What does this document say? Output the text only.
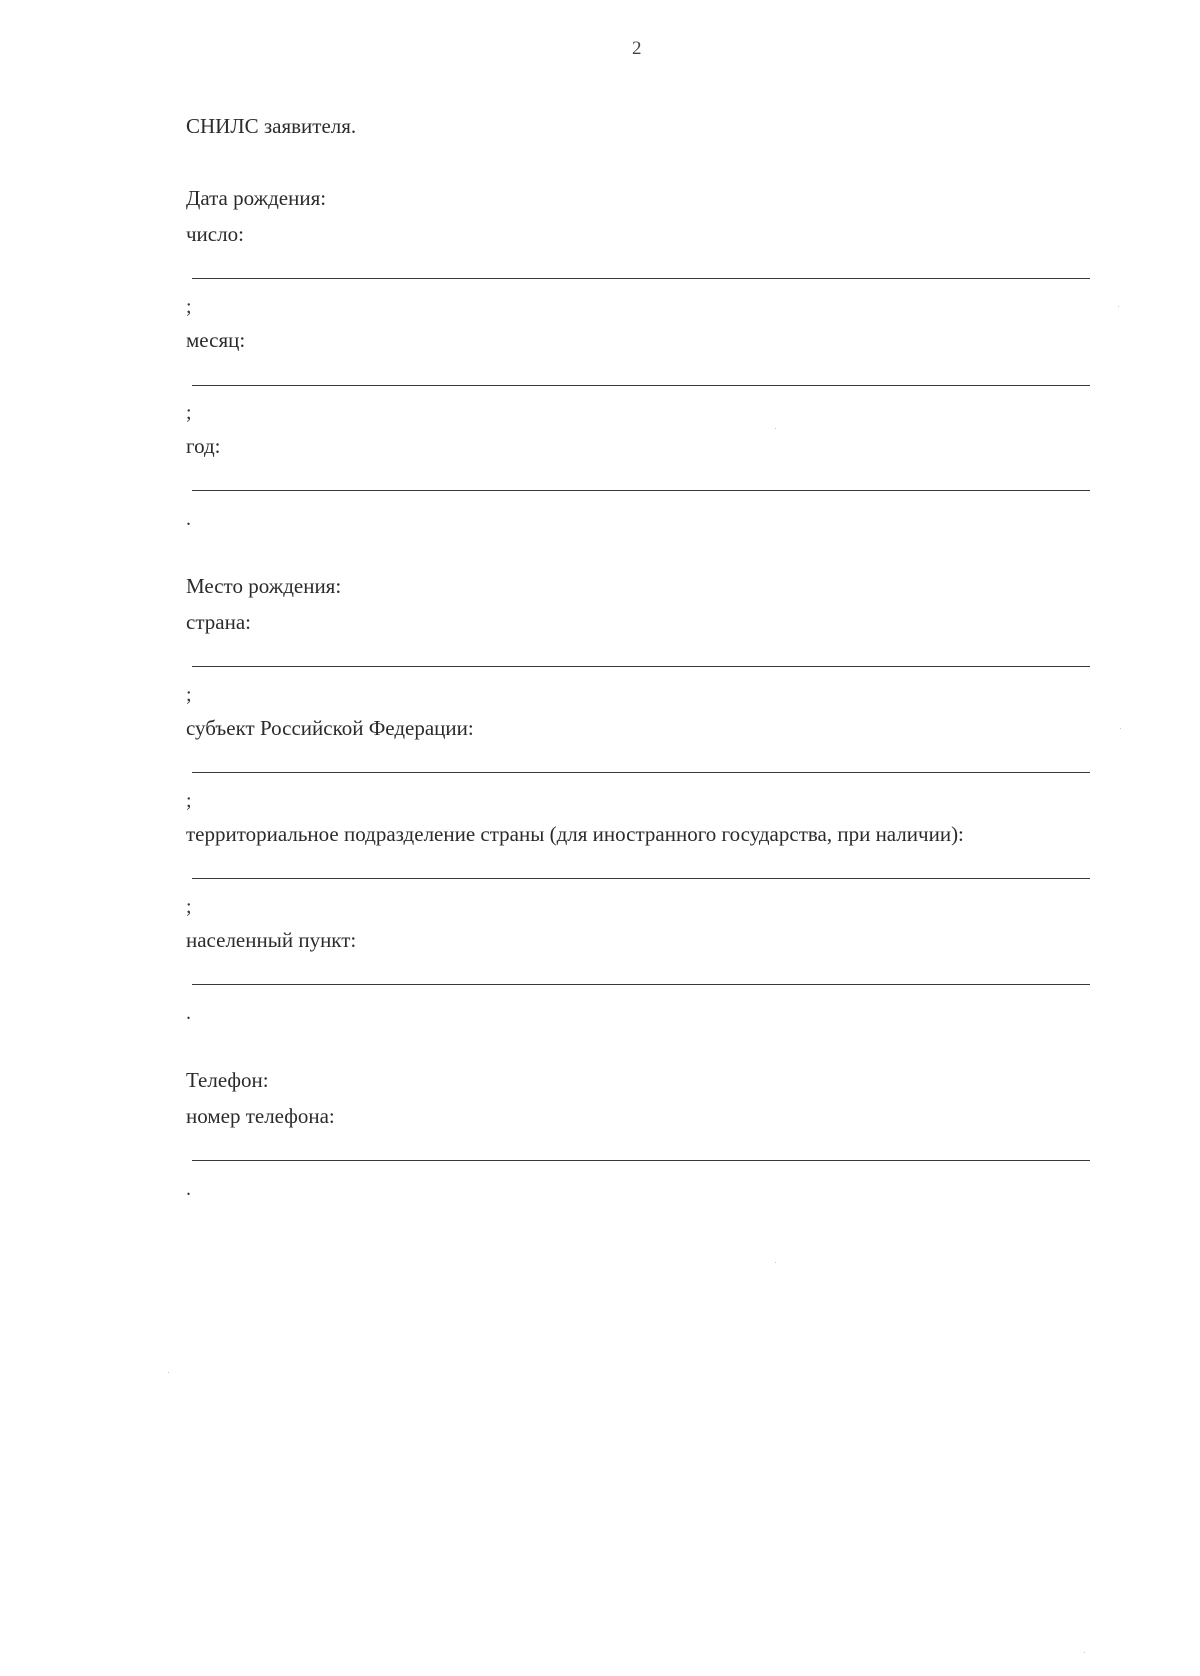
2
СНИЛС заявителя.
Дата рождения:
число:
;
месяц:
;
год:
.
Место рождения:
страна:
;
субъект Российской Федерации:
;
территориальное подразделение страны (для иностранного государства, при наличии):
;
населенный пункт:
.
Телефон:
номер телефона:
.
